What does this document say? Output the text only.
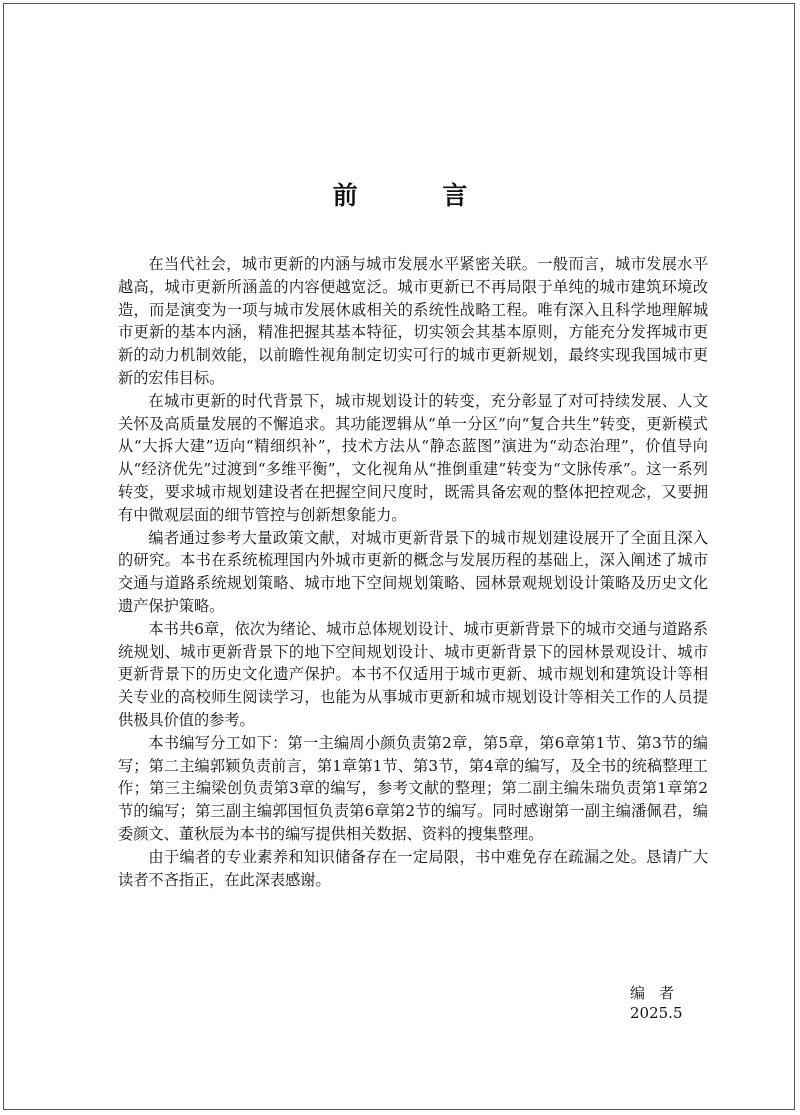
前 言

在当代社会，城市更新的内涵与城市发展水平紧密关联。一般而言，城市发展水平越高，城市更新所涵盖的内容便越宽泛。城市更新已不再局限于单纯的城市建筑环境改造，而是演变为一项与城市发展休戚相关的系统性战略工程。唯有深入且科学地理解城市更新的基本内涵，精准把握其基本特征，切实领会其基本原则，方能充分发挥城市更新的动力机制效能，以前瞻性视角制定切实可行的城市更新规划，最终实现我国城市更新的宏伟目标。

在城市更新的时代背景下，城市规划设计的转变，充分彰显了对可持续发展、人文关怀及高质量发展的不懈追求。其功能逻辑从“单一分区”向“复合共生”转变，更新模式从“大拆大建”迈向“精细织补”，技术方法从“静态蓝图”演进为“动态治理”，价值导向从“经济优先”过渡到“多维平衡”，文化视角从“推倒重建”转变为“文脉传承”。这一系列转变，要求城市规划建设者在把握空间尺度时，既需具备宏观的整体把控观念，又要拥有中微观层面的细节管控与创新想象能力。

编者通过参考大量政策文献，对城市更新背景下的城市规划建设展开了全面且深入的研究。本书在系统梳理国内外城市更新的概念与发展历程的基础上，深入阐述了城市交通与道路系统规划策略、城市地下空间规划策略、园林景观规划设计策略及历史文化遗产保护策略。

本书共6章，依次为绪论、城市总体规划设计、城市更新背景下的城市交通与道路系统规划、城市更新背景下的地下空间规划设计、城市更新背景下的园林景观设计、城市更新背景下的历史文化遗产保护。本书不仅适用于城市更新、城市规划和建筑设计等相关专业的高校师生阅读学习，也能为从事城市更新和城市规划设计等相关工作的人员提供极具价值的参考。

本书编写分工如下：第一主编周小颜负责第2章，第5章，第6章第1节、第3节的编写；第二主编郭颖负责前言，第1章第1节、第3节，第4章的编写，及全书的统稿整理工作；第三主编梁创负责第3章的编写，参考文献的整理；第二副主编朱瑞负责第1章第2节的编写；第三副主编郭国恒负责第6章第2节的编写。同时感谢第一副主编潘佩君，编委颜文、董秋辰为本书的编写提供相关数据、资料的搜集整理。

由于编者的专业素养和知识储备存在一定局限，书中难免存在疏漏之处。恳请广大读者不吝指正，在此深表感谢。

编者
2025.5
